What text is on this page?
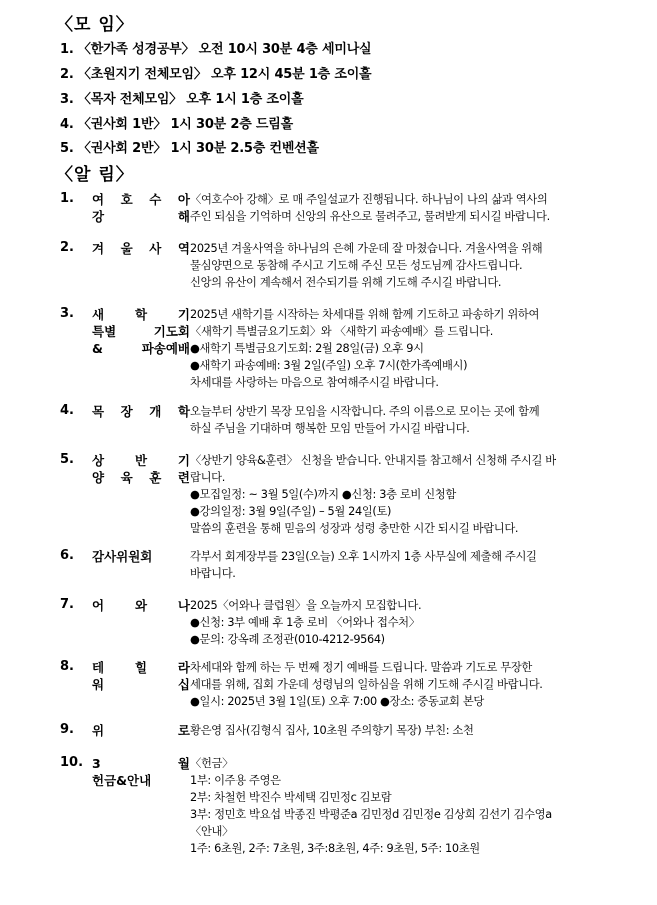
〈모 임〉
1. 〈한가족 성경공부〉 오전 10시 30분 4층 세미나실
2. 〈초원지기 전체모임〉 오후 12시 45분 1층 조이홀
3. 〈목자 전체모임〉 오후 1시 1층 조이홀
4. 〈권사회 1반〉 1시 30분 2층 드림홀
5. 〈권사회 2반〉 1시 30분 2.5층 컨벤션홀
〈알 림〉
1. 여 호 수 아
강 해
〈여호수아 강해〉로 매 주일설교가 진행됩니다. 하나님이 나의 삶과 역사의
주인 되심을 기억하며 신앙의 유산으로 물려주고, 물려받게 되시길 바랍니다.
2. 겨 울 사 역 2025년 겨울사역을 하나님의 은혜 가운데 잘 마쳤습니다. 겨울사역을 위해
물심양면으로 동참해 주시고 기도해 주신 모든 성도님께 감사드립니다.
신앙의 유산이 계속해서 전수되기를 위해 기도해 주시길 바랍니다.
3. 새 학 기
특별 기도회
& 파송예배
2025년 새학기를 시작하는 차세대를 위해 함께 기도하고 파송하기 위하여
〈새학기 특별금요기도회〉와 〈새학기 파송예배〉를 드립니다.
●새학기 특별금요기도회: 2월 28일(금) 오후 9시
●새학기 파송예배: 3월 2일(주일) 오후 7시(한가족예배시)
차세대를 사랑하는 마음으로 참여해주시길 바랍니다.
4. 목 장 개 학 오늘부터 상반기 목장 모임을 시작합니다. 주의 이름으로 모이는 곳에 함께
하실 주님을 기대하며 행복한 모임 만들어 가시길 바랍니다.
5. 상 반 기
양 육 훈 련
〈상반기 양육&훈련〉 신청을 받습니다. 안내지를 참고해서 신청해 주시길 바
랍니다.
●모집일정: ~ 3월 5일(수)까지 ●신청: 3층 로비 신청함
●강의일정: 3월 9일(주일) – 5월 24일(토)
말씀의 훈련을 통해 믿음의 성장과 성령 충만한 시간 되시길 바랍니다.
6. 감사위원회	각부서 회계장부를 23일(오늘) 오후 1시까지 1층 사무실에 제출해 주시길
바랍니다.
7. 어 와 나 2025〈어와나 클럽원〉을 오늘까지 모집합니다.
●신청: 3부 예배 후 1층 로비 〈어와나 접수처〉
●문의: 강옥례 조정관(010-4212-9564)
8. 테 힐 라
워 십
차세대와 함께 하는 두 번째 정기 예배를 드립니다. 말씀과 기도로 무장한
세대를 위해, 집회 가운데 성령님의 일하심을 위해 기도해 주시길 바랍니다.
●일시: 2025년 3월 1일(토) 오후 7:00 ●장소: 중동교회 본당
9. 위 로 황은영 집사(김형식 집사, 10초원 주의향기 목장) 부친: 소천
10. 3 월
헌금&안내
〈헌금〉
1부: 이주용 주영은
2부: 차철헌 박진수 박세택 김민정c 김보람
3부: 정민호 박요섭 박종진 박평준a 김민정d 김민정e 김상희 김선기 김수영a
〈안내〉
1주: 6초원, 2주: 7초원, 3주:8초원, 4주: 9초원, 5주: 10초원
